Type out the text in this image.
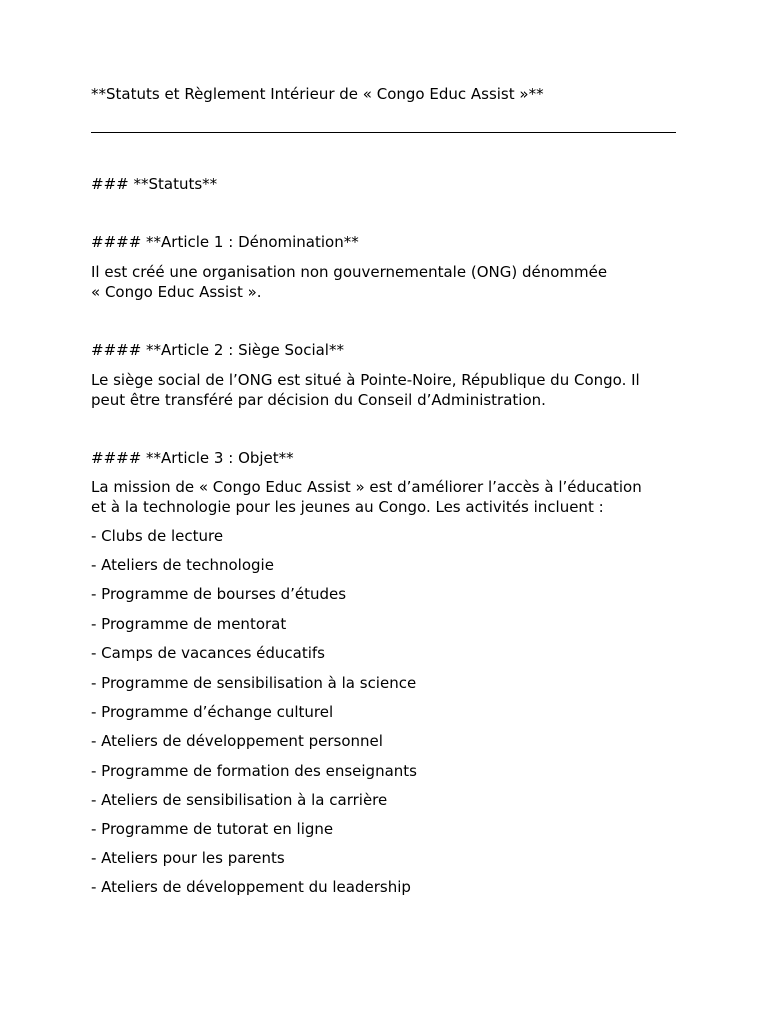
**Statuts et Règlement Intérieur de « Congo Educ Assist »**
### **Statuts**
#### **Article 1 : Dénomination**
Il est créé une organisation non gouvernementale (ONG) dénommée
« Congo Educ Assist ».
#### **Article 2 : Siège Social**
Le siège social de l’ONG est situé à Pointe-Noire, République du Congo. Il
peut être transféré par décision du Conseil d’Administration.
#### **Article 3 : Objet**
La mission de « Congo Educ Assist » est d’améliorer l’accès à l’éducation
et à la technologie pour les jeunes au Congo. Les activités incluent :
- Clubs de lecture
- Ateliers de technologie
- Programme de bourses d’études
- Programme de mentorat
- Camps de vacances éducatifs
- Programme de sensibilisation à la science
- Programme d’échange culturel
- Ateliers de développement personnel
- Programme de formation des enseignants
- Ateliers de sensibilisation à la carrière
- Programme de tutorat en ligne
- Ateliers pour les parents
- Ateliers de développement du leadership
